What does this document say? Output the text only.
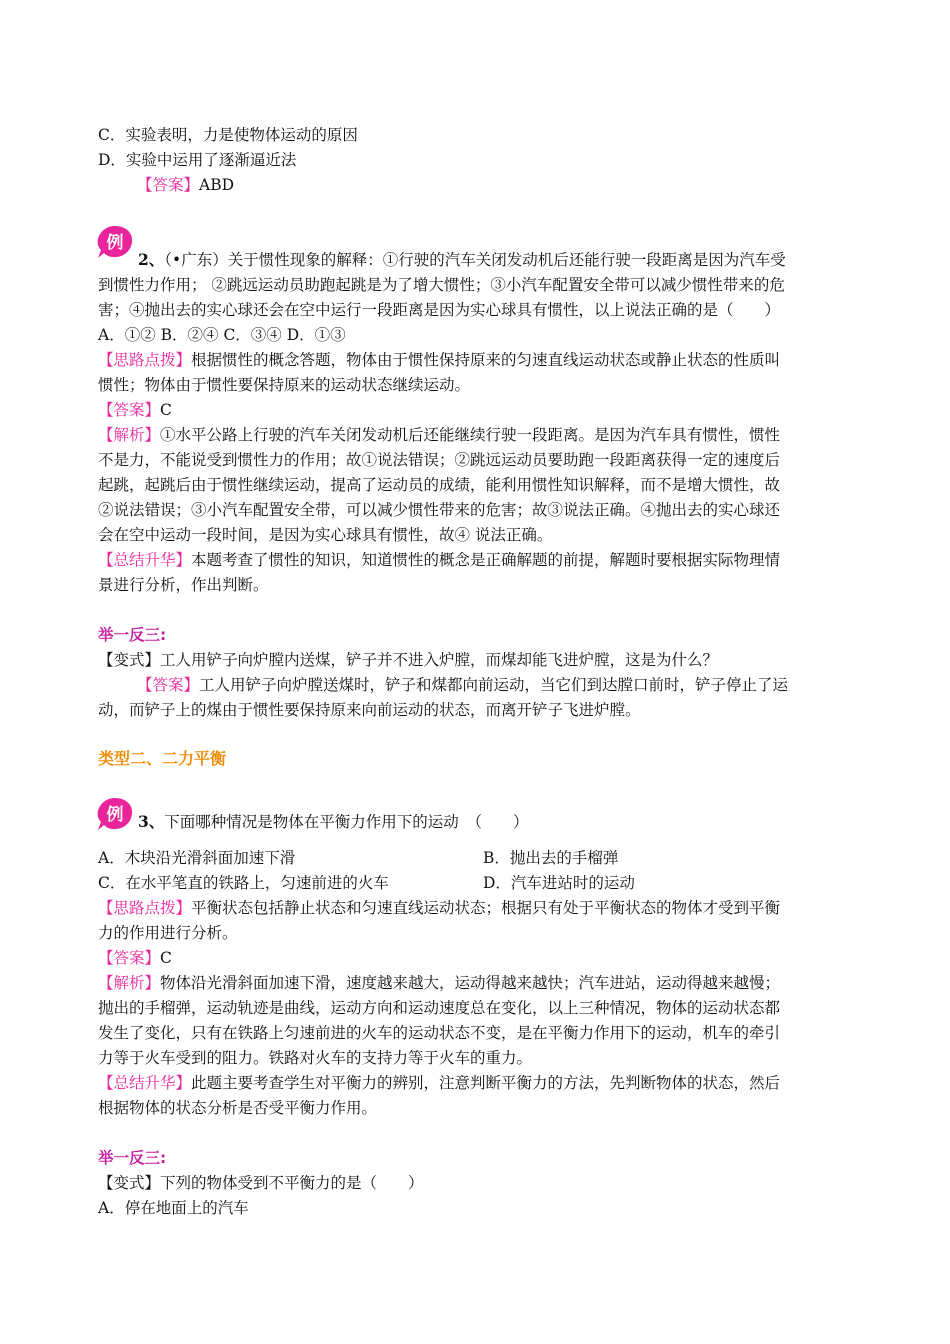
C．实验表明，力是使物体运动的原因
D．实验中运用了逐渐逼近法
【答案】ABD
例
2、（•广东）关于惯性现象的解释：①行驶的汽车关闭发动机后还能行驶一段距离是因为汽车受
到惯性力作用； ②跳远运动员助跑起跳是为了增大惯性；③小汽车配置安全带可以减少惯性带来的危
害；④抛出去的实心球还会在空中运行一段距离是因为实心球具有惯性，以上说法正确的是（　　）
A．①② B．②④ C．③④ D．①③
【思路点拨】根据惯性的概念答题，物体由于惯性保持原来的匀速直线运动状态或静止状态的性质叫
惯性；物体由于惯性要保持原来的运动状态继续运动。
【答案】C
【解析】①水平公路上行驶的汽车关闭发动机后还能继续行驶一段距离。是因为汽车具有惯性，惯性
不是力，不能说受到惯性力的作用；故①说法错误；②跳远运动员要助跑一段距离获得一定的速度后
起跳，起跳后由于惯性继续运动，提高了运动员的成绩，能利用惯性知识解释，而不是增大惯性，故
②说法错误；③小汽车配置安全带，可以减少惯性带来的危害；故③说法正确。④抛出去的实心球还
会在空中运动一段时间，是因为实心球具有惯性，故④ 说法正确。
【总结升华】本题考查了惯性的知识，知道惯性的概念是正确解题的前提，解题时要根据实际物理情
景进行分析，作出判断。
举一反三:
【变式】工人用铲子向炉膛内送煤，铲子并不进入炉膛，而煤却能飞进炉膛，这是为什么？
【答案】工人用铲子向炉膛送煤时，铲子和煤都向前运动，当它们到达膛口前时，铲子停止了运
动，而铲子上的煤由于惯性要保持原来向前运动的状态，而离开铲子飞进炉膛。
类型二、二力平衡
例 3、下面哪种情况是物体在平衡力作用下的运动　（　　）
A．木块沿光滑斜面加速下滑	B．抛出去的手榴弹
C．在水平笔直的铁路上，匀速前进的火车	D．汽车进站时的运动
【思路点拨】平衡状态包括静止状态和匀速直线运动状态；根据只有处于平衡状态的物体才受到平衡
力的作用进行分析。
【答案】C
【解析】物体沿光滑斜面加速下滑，速度越来越大，运动得越来越快；汽车进站，运动得越来越慢；
抛出的手榴弹，运动轨迹是曲线，运动方向和运动速度总在变化，以上三种情况，物体的运动状态都
发生了变化，只有在铁路上匀速前进的火车的运动状态不变，是在平衡力作用下的运动，机车的牵引
力等于火车受到的阻力。铁路对火车的支持力等于火车的重力。
【总结升华】此题主要考查学生对平衡力的辨别，注意判断平衡力的方法，先判断物体的状态，然后
根据物体的状态分析是否受平衡力作用。
举一反三:
【变式】下列的物体受到不平衡力的是（　　）
A．停在地面上的汽车
